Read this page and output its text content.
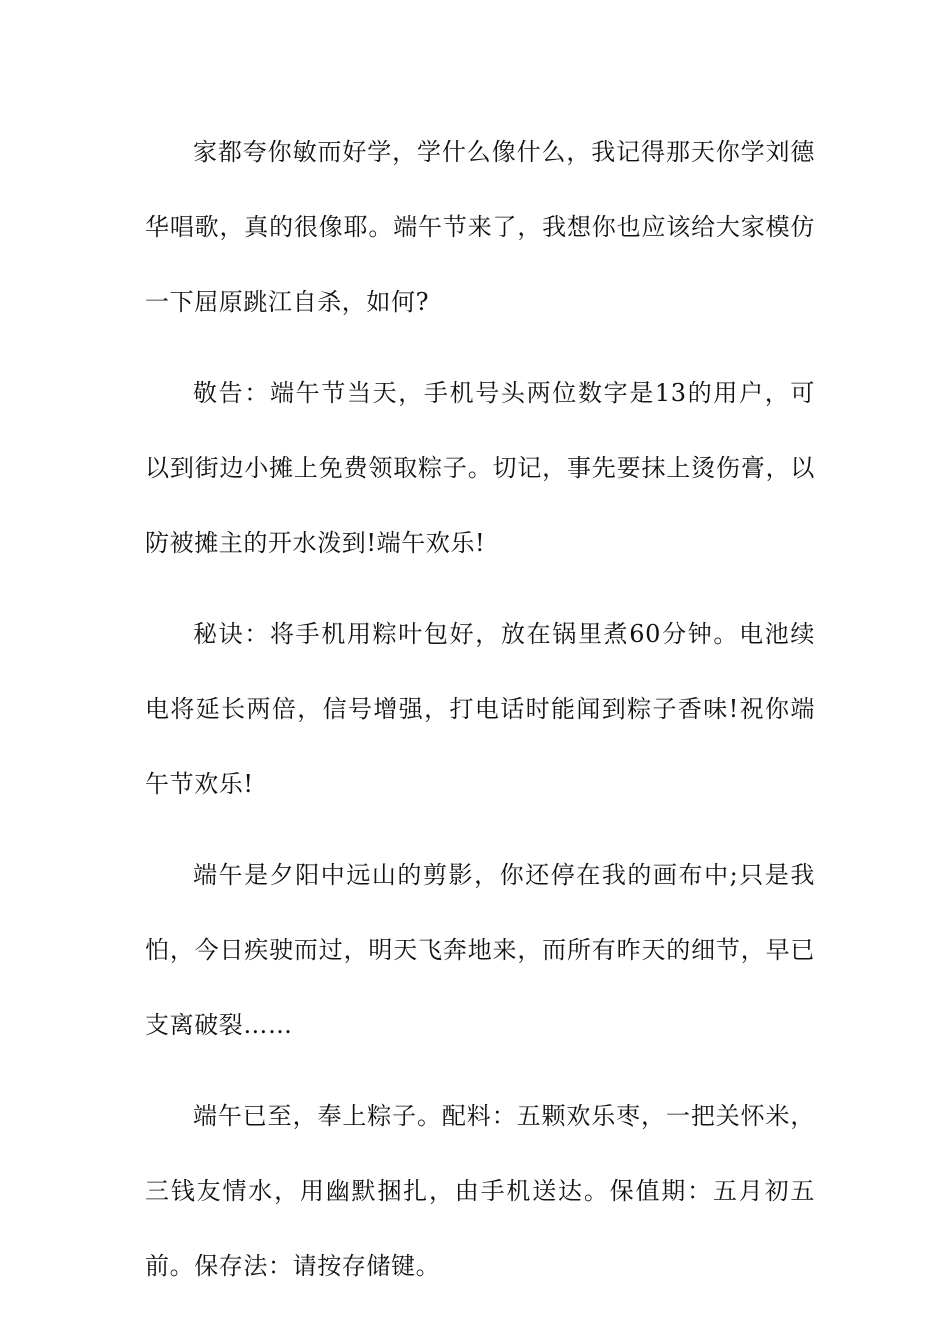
家都夸你敏而好学，学什么像什么，我记得那天你学刘德华唱歌，真的很像耶。端午节来了，我想你也应该给大家模仿一下屈原跳江自杀，如何?

敬告：端午节当天，手机号头两位数字是13的用户，可以到街边小摊上免费领取粽子。切记，事先要抹上烫伤膏，以防被摊主的开水泼到!端午欢乐!

秘诀：将手机用粽叶包好，放在锅里煮60分钟。电池续电将延长两倍，信号增强，打电话时能闻到粽子香味!祝你端午节欢乐!

端午是夕阳中远山的剪影，你还停在我的画布中;只是我怕，今日疾驶而过，明天飞奔地来，而所有昨天的细节，早已支离破裂……

端午已至，奉上粽子。配料：五颗欢乐枣，一把关怀米，三钱友情水，用幽默捆扎，由手机送达。保值期：五月初五前。保存法：请按存储键。
